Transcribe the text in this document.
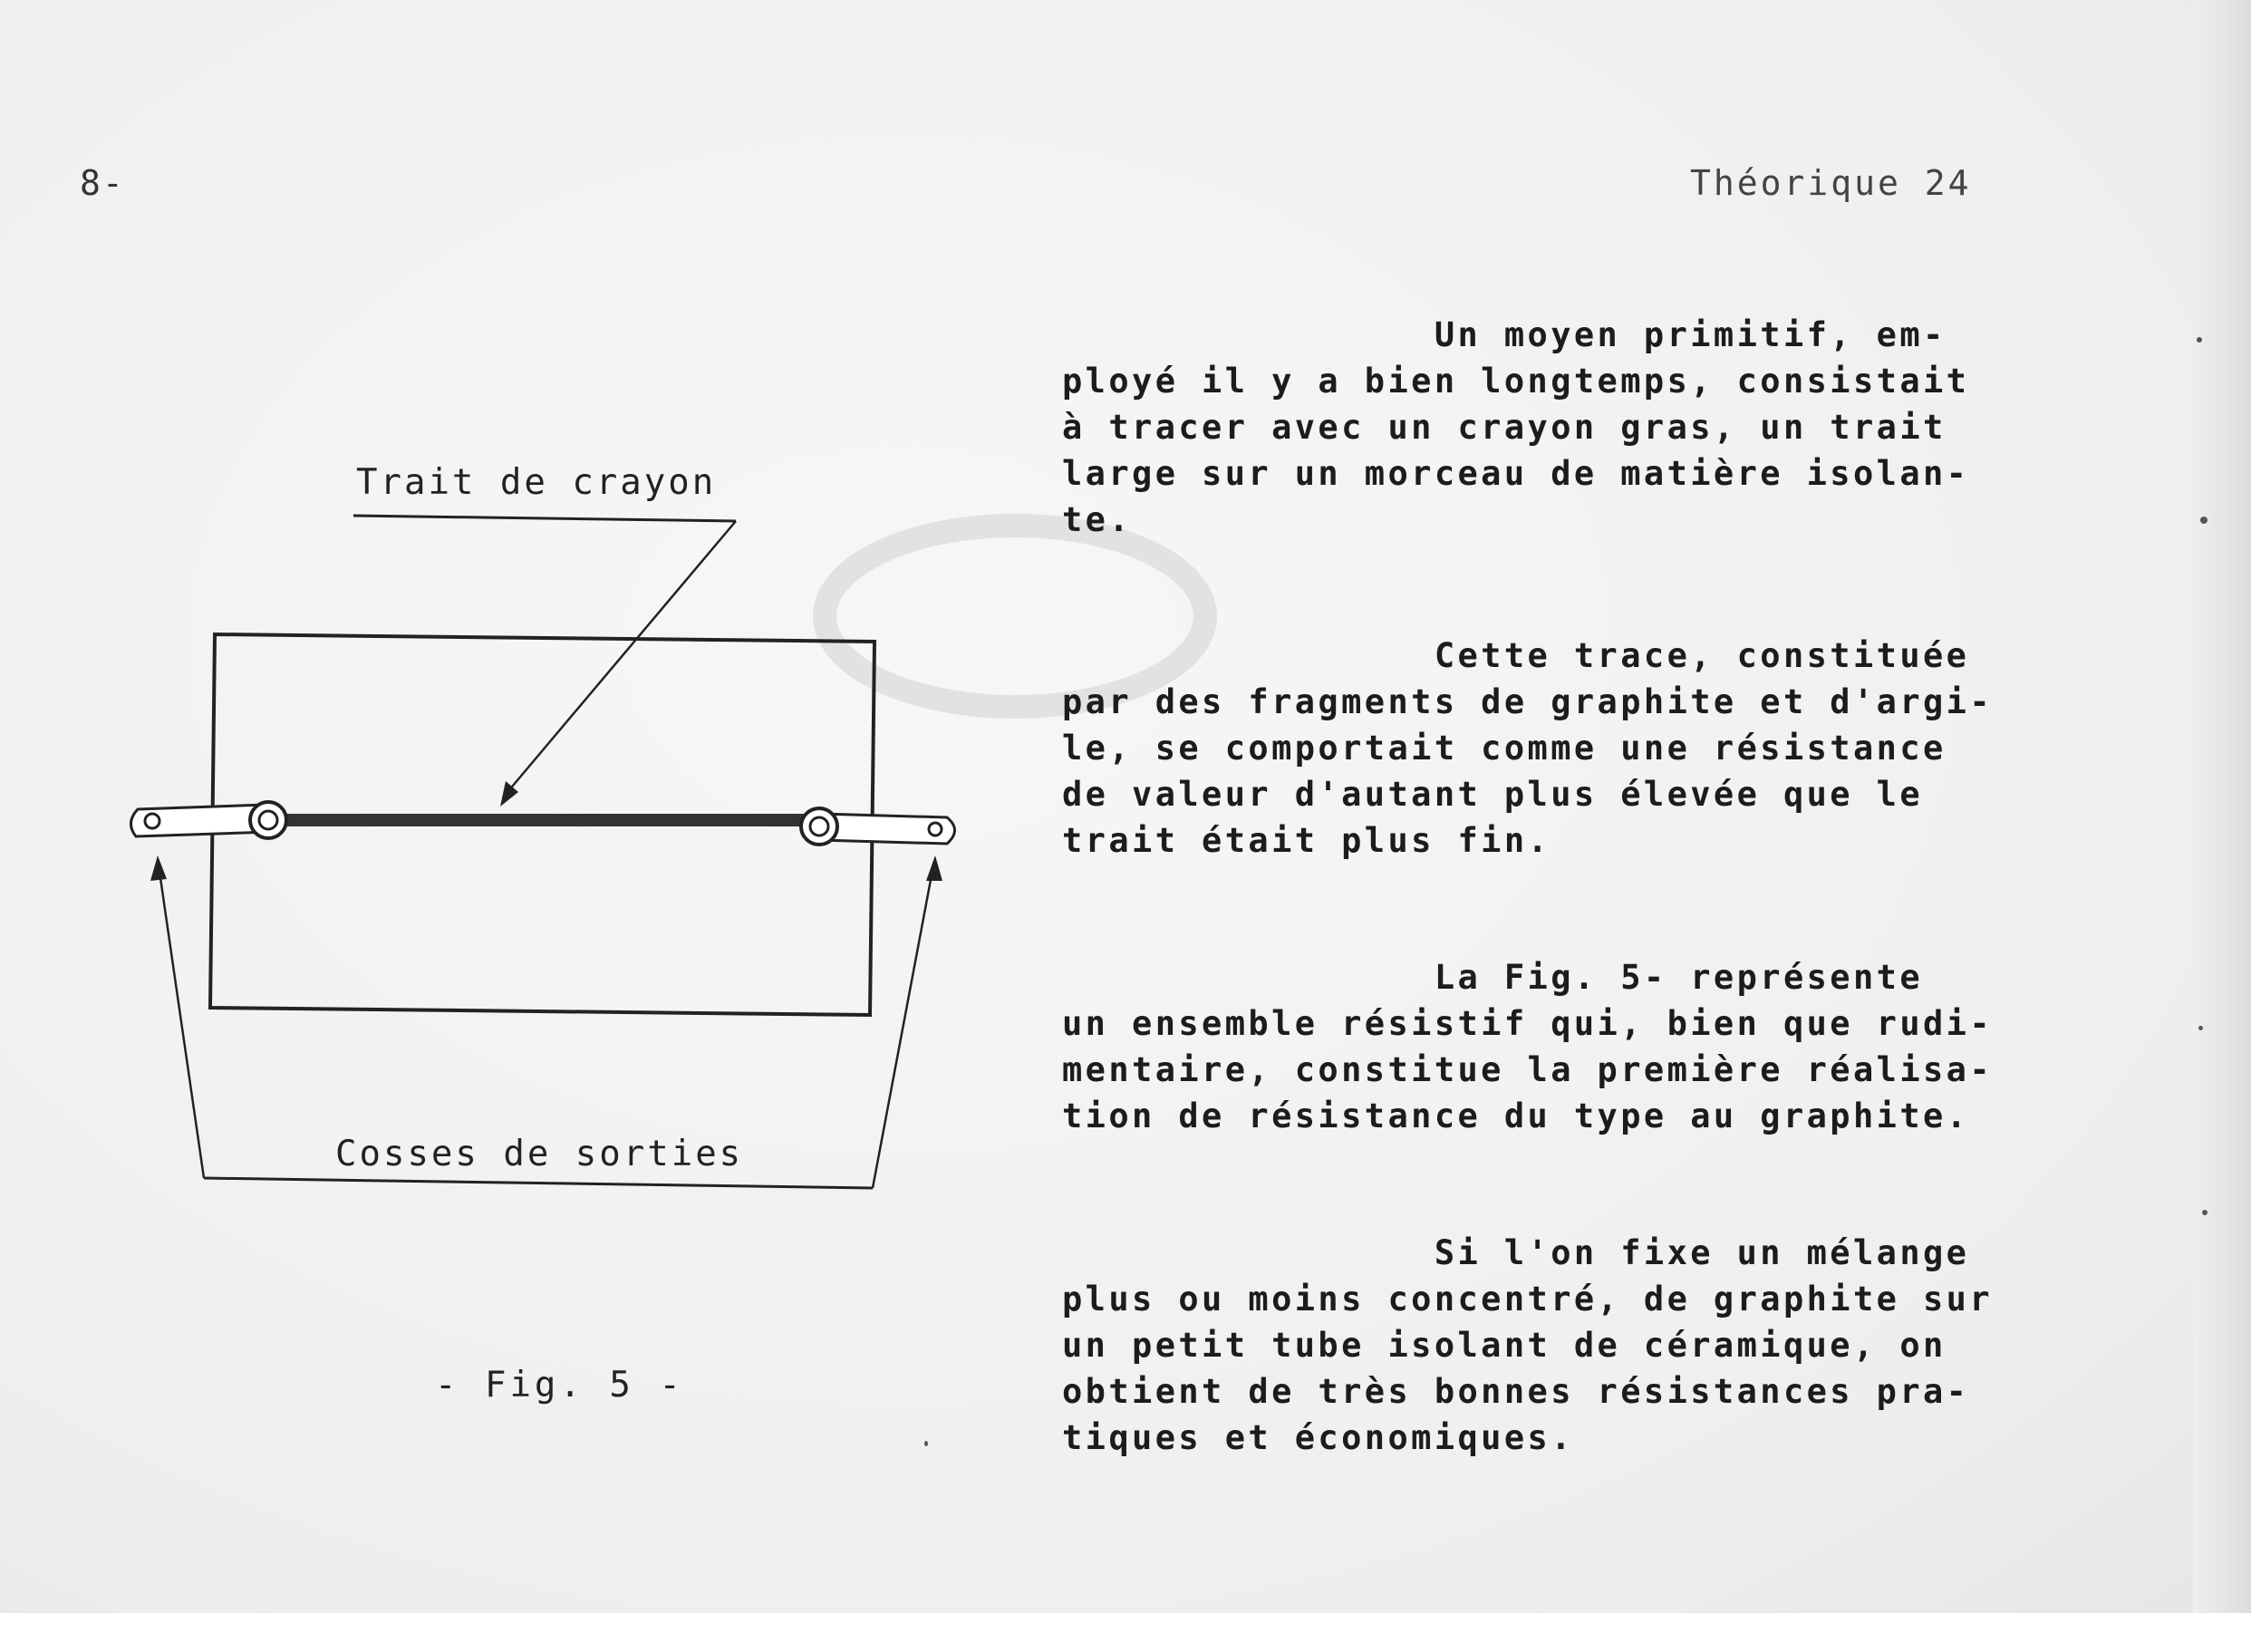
8-	Théorique 24
Trait de crayon
Cosses de sorties
- Fig. 5 -
Un moyen primitif, em-
ployé il y a bien longtemps, consistait
à tracer avec un crayon gras, un trait
large sur un morceau de matière isolan-
te.
Cette trace, constituée
par des fragments de graphite et d'argi-
le, se comportait comme une résistance
de valeur d'autant plus élevée que le
trait était plus fin.
La Fig. 5- représente
un ensemble résistif qui, bien que rudi-
mentaire, constitue la première réalisa-
tion de résistance du type au graphite.
Si l'on fixe un mélange
plus ou moins concentré, de graphite sur
un petit tube isolant de céramique, on
obtient de très bonnes résistances pra-
tiques et économiques.
